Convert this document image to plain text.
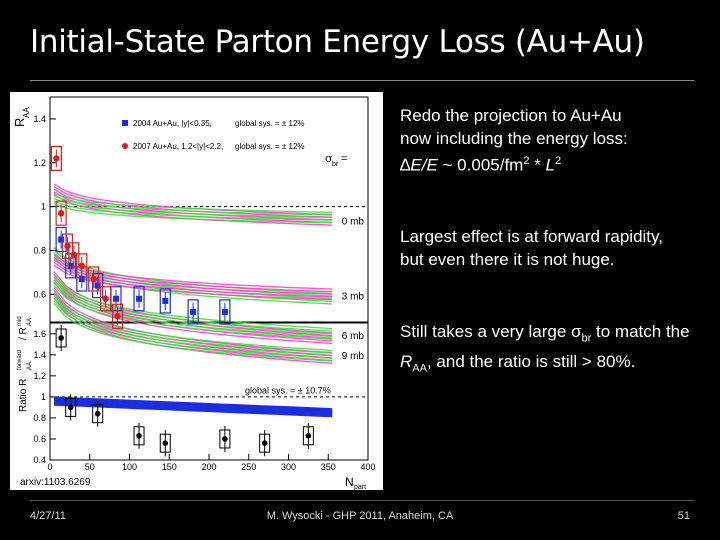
Initial-State Parton Energy Loss (Au+Au)
0.6
0.8
1
1.2
1.4
0 mb
3 mb
6 mb
9 mb
σ br =
2004 Au+Au, |y|<0.35,	global sys. = ± 12%
2007 Au+Au, 1.2<|y|<2.2, global sys. = ± 12%
R
AA
0.4
0.6
0.8
1
1.2
1.4
1.6
global sys. = ± 10.7%
0	50	100	150	200	250	300	350	400
N part
Ratio R
AA
forward
/ R
AA
mid
arxiv:1103.6269
Redo the projection to Au+Au
now including the energy loss:
∆E/E ~ $0.005/fm^2 * L^2$
Largest effect is at forward rapidity, but even there it is not huge.
Still takes a very large $\sigma_{br}$ to match the $R_{AA}$, and the ratio is still > 80%.
4/27/11	M. Wysocki - GHP 2011, Anaheim, CA	51
